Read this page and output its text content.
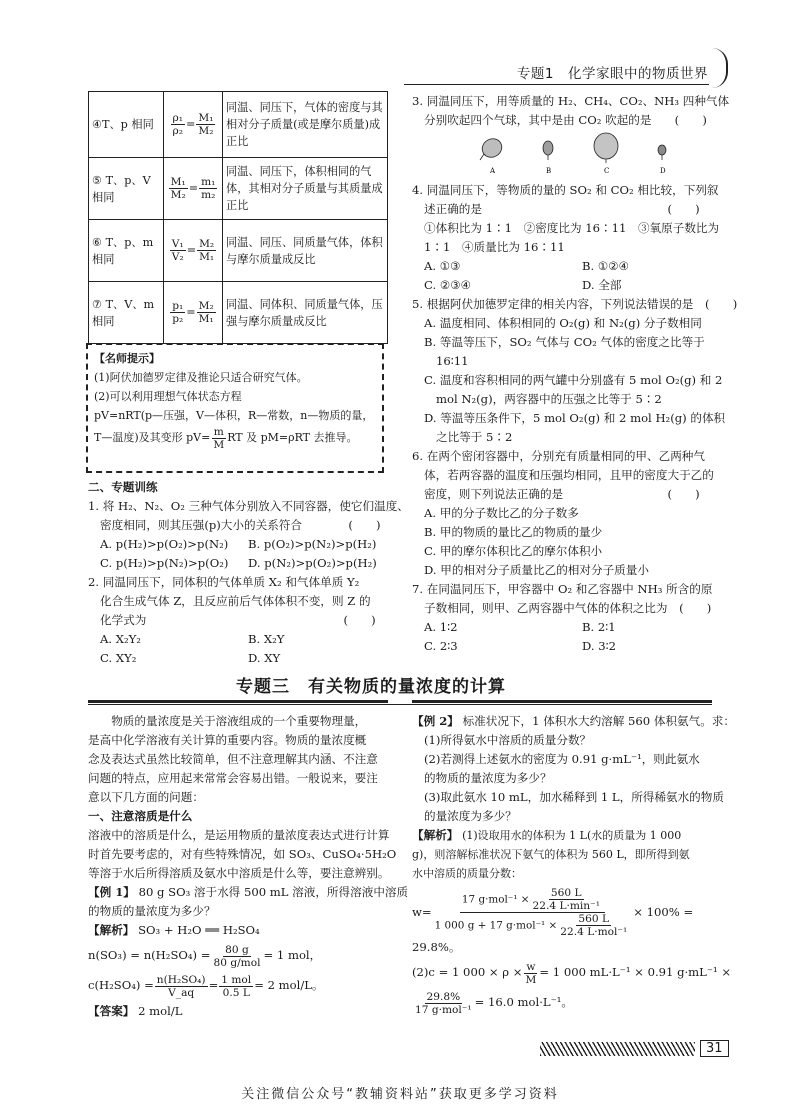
专题1　化学家眼中的物质世界
④T、p 相同	$\frac{\text{ρ₁}}{\text{ρ₂}} = \frac{\text{M₁}}{\text{M₂}}$	同温、同压下，气体的密度与其相对分子质量(或是摩尔质量)成正比
⑤ T、p、V 相同	$\frac{\text{M₁}}{\text{M₂}} = \frac{\text{m₁}}{\text{m₂}}$	同温、同压下，体积相同的气体，其相对分子质量与其质量成正比
⑥ T、p、m 相同	$\frac{\text{V₁}}{\text{V₂}} = \frac{\text{M₂}}{\text{M₁}}$	同温、同压、同质量气体，体积与摩尔质量成反比
⑦ T、V、m 相同	$\frac{\text{p₁}}{\text{p₂}} = \frac{\text{M₂}}{\text{M₁}}$	同温、同体积、同质量气体，压强与摩尔质量成反比
【名师提示】
(1)阿伏加德罗定律及推论只适合研究气体。
(2)可以利用理想气体状态方程
pV=nRT(p—压强，V—体积，R—常数，n—物质的量，
T—温度)及其变形 $pV= \frac{m}{M}$ RT 及 pM=ρRT 去推导。
二、专题训练
1. 将 H₂、N₂、O₂ 三种气体分别放入不同容器，使它们温度、
密度相同，则其压强(p)大小的关系符合　　　　(　　)
A. p(H₂)>p(O₂)>p(N₂) B. p(O₂)>p(N₂)>p(H₂)
C. p(H₂)>p(N₂)>p(O₂) D. p(N₂)>p(O₂)>p(H₂)
2. 同温同压下，同体积的气体单质 X₂ 和气体单质 Y₂
化合生成气体 Z，且反应前后气体体积不变，则 Z 的
化学式为　　　　　　　　　　　　　　　　　(　　)
A. X₂Y₂	B. X₂Y
C. XY₂	D. XY
3. 同温同压下，用等质量的 H₂、CH₄、CO₂、NH₃ 四种气体
分别吹起四个气球，其中是由 CO₂ 吹起的是　　(　　)
A	B	C	D
4. 同温同压下，等物质的量的 SO₂ 和 CO₂ 相比较，下列叙
述正确的是　　　　　　　　　　　　　　　　(　　)
①体积比为 1∶1　②密度比为 16∶11　③氧原子数比为
1∶1　④质量比为 16∶11
A. ①③	B. ①②④
C. ②③④	D. 全部
5. 根据阿伏加德罗定律的相关内容，下列说法错误的是　(　　)
A. 温度相同、体积相同的 O₂(g) 和 N₂(g) 分子数相同
B. 等温等压下，SO₂ 气体与 CO₂ 气体的密度之比等于
16∶11
C. 温度和容积相同的两气罐中分别盛有 5 mol O₂(g) 和 2
mol N₂(g)，两容器中的压强之比等于 5∶2
D. 等温等压条件下，5 mol O₂(g) 和 2 mol H₂(g) 的体积
之比等于 5∶2
6. 在两个密闭容器中，分别充有质量相同的甲、乙两种气
体，若两容器的温度和压强均相同，且甲的密度大于乙的
密度，则下列说法正确的是　　　　　　　　　(　　)
A. 甲的分子数比乙的分子数多
B. 甲的物质的量比乙的物质的量少
C. 甲的摩尔体积比乙的摩尔体积小
D. 甲的相对分子质量比乙的相对分子质量小
7. 在同温同压下，甲容器中 O₂ 和乙容器中 NH₃ 所含的原
子数相同，则甲、乙两容器中气体的体积之比为　(　　)
A. 1∶2	B. 2∶1
C. 2∶3	D. 3∶2
专题三　有关物质的量浓度的计算
　　物质的量浓度是关于溶液组成的一个重要物理量，
是高中化学溶液有关计算的重要内容。物质的量浓度概
念及表达式虽然比较简单，但不注意理解其内涵、不注意
问题的特点，应用起来常常会容易出错。一般说来，要注
意以下几方面的问题：
一、注意溶质是什么
溶液中的溶质是什么，是运用物质的量浓度表达式进行计算
时首先要考虑的，对有些特殊情况，如 SO₃、CuSO₄·5H₂O
等溶于水后所得溶质及氨水中溶质是什么等，要注意辨别。
【例 1】 80 g SO₃ 溶于水得 500 mL 溶液，所得溶液中溶质
的物质的量浓度为多少？
【解析】 SO₃ + H₂O ══ H₂SO₄
$n(SO_3) = n(H_2SO_4) = \frac{80 g}{\text{80 g/mol}} = 1$ mol，
$c(H_2SO_4) = \frac{\text{n(H₂SO₄)}}{V\_aq} = \frac{\text{1 mol}}{0.5 L} = 2$ mol/L。
【答案】 2 mol/L
【例 2】 标准状况下，1 体积水大约溶解 560 体积氨气。求：
(1)所得氨水中溶质的质量分数？
(2)若测得上述氨水的密度为 0.91 g·mL⁻¹，则此氨水
的物质的量浓度为多少？
(3)取此氨水 10 mL，加水稀释到 1 L，所得稀氨水的物质
的量浓度为多少？
【解析】 (1)设取用水的体积为 1 L(水的质量为 1 000
g)，则溶解标准状况下氨气的体积为 560 L，即所得到氨
水中溶质的质量分数：
$w= \frac{17 g\cdot mol^{-1} \times \frac{560 L}{\text{22.4 L·min⁻¹}}}{1 000 g + 17 g\cdot mol^{-1} \times \frac{560 L}{\text{22.4 L·mol⁻¹}}} \times 100\%$ =
29.8%。
(2)c = 1 $000 \times \rho \times \frac{w}{M} = 1$ 000 mL·L⁻¹ × 0.91 g·mL⁻¹ ×
$\frac{29.8\%}{\text{17 g·mol⁻¹}} = 16.0$ mol·L⁻¹。
31
关注微信公众号“教辅资料站”获取更多学习资料
